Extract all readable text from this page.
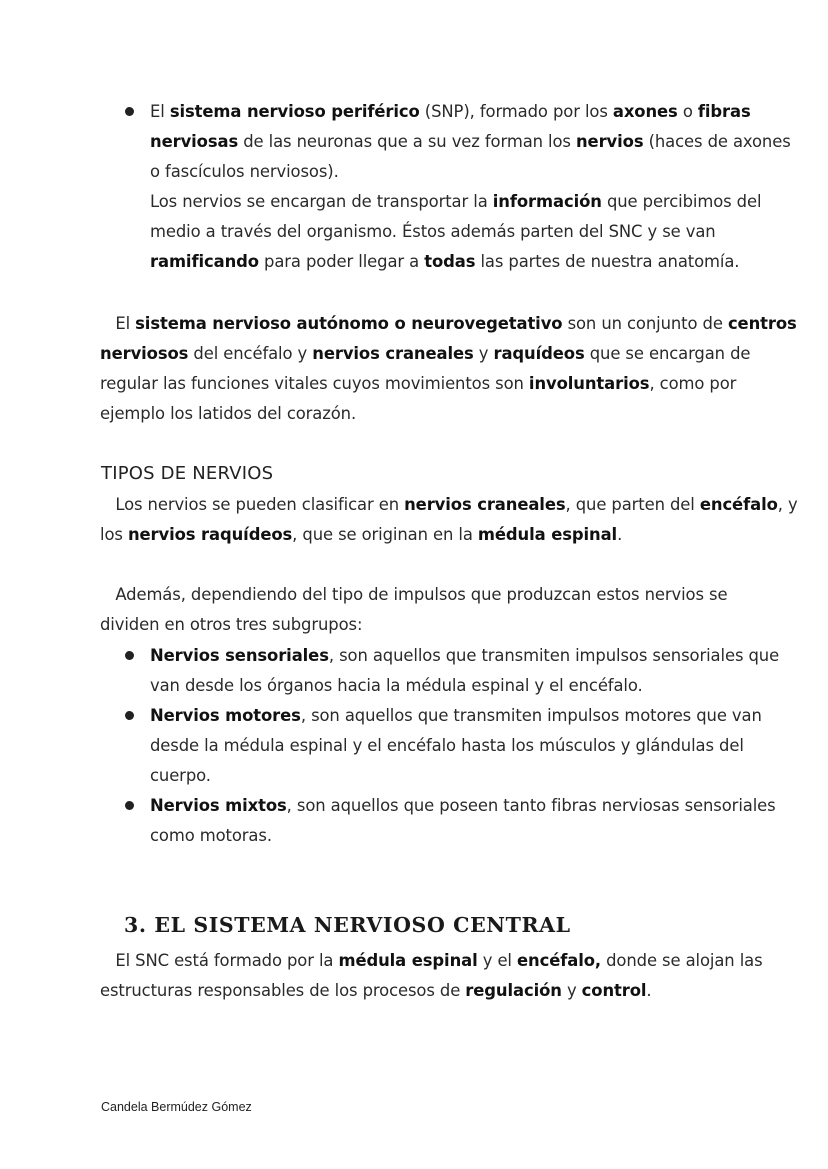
El sistema nervioso periférico (SNP), formado por los axones o fibras
nerviosas de las neuronas que a su vez forman los nervios (haces de axones
o fascículos nerviosos).
Los nervios se encargan de transportar la información que percibimos del
medio a través del organismo. Éstos además parten del SNC y se van
ramificando para poder llegar a todas las partes de nuestra anatomía.
El sistema nervioso autónomo o neurovegetativo son un conjunto de centros
nerviosos del encéfalo y nervios craneales y raquídeos que se encargan de
regular las funciones vitales cuyos movimientos son involuntarios, como por
ejemplo los latidos del corazón.
TIPOS DE NERVIOS
Los nervios se pueden clasificar en nervios craneales, que parten del encéfalo, y
los nervios raquídeos, que se originan en la médula espinal.
Además, dependiendo del tipo de impulsos que produzcan estos nervios se
dividen en otros tres subgrupos:
Nervios sensoriales, son aquellos que transmiten impulsos sensoriales que
van desde los órganos hacia la médula espinal y el encéfalo.
Nervios motores, son aquellos que transmiten impulsos motores que van
desde la médula espinal y el encéfalo hasta los músculos y glándulas del
cuerpo.
Nervios mixtos, son aquellos que poseen tanto fibras nerviosas sensoriales
como motoras.
3. EL SISTEMA NERVIOSO CENTRAL
El SNC está formado por la médula espinal y el encéfalo, donde se alojan las
estructuras responsables de los procesos de regulación y control.
Candela Bermúdez Gómez
